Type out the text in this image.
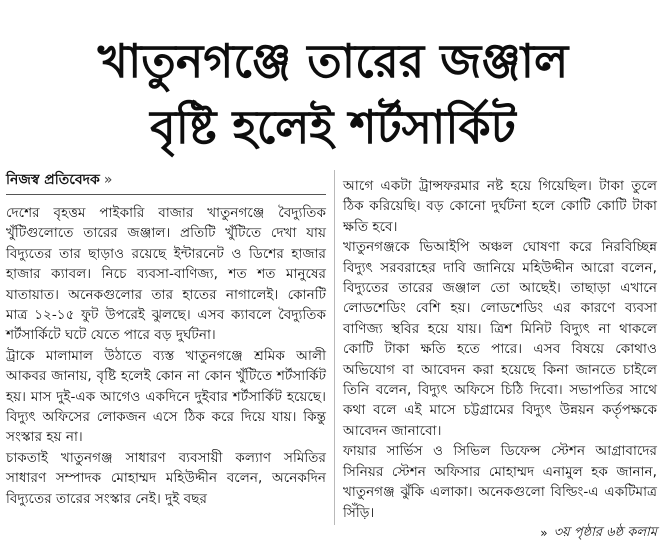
খাতুনগঞ্জে তারের জঞ্জাল
বৃষ্টি হলেই শর্টসার্কিট
নিজস্ব প্রতিবেদক »

দেশের বৃহত্তম পাইকারি বাজার খাতুনগঞ্জে বৈদ্যুতিক খুঁটিগুলোতে তারের জঞ্জাল। প্রতিটি খুঁটিতে দেখা যায় বিদ্যুতের তার ছাড়াও রয়েছে ইন্টারনেট ও ডিশের হাজার হাজার ক্যাবল। নিচে ব্যবসা-বাণিজ্য, শত শত মানুষের যাতায়াত। অনেকগুলোর তার হাতের নাগালেই। কোনটি মাত্র ১২-১৫ ফুট উপরেই ঝুলছে। এসব ক্যাবলে বৈদ্যুতিক শর্টসার্কিটে ঘটে যেতে পারে বড় দুর্ঘটনা।

ট্রাকে মালামাল উঠাতে ব্যস্ত খাতুনগঞ্জে শ্রমিক আলী আকবর জানায়, বৃষ্টি হলেই কোন না কোন খুঁটিতে শর্টসার্কিট হয়। মাস দুই-এক আগেও একদিনে দুইবার শর্টসার্কিট হয়েছে। বিদ্যুৎ অফিসের লোকজন এসে ঠিক করে দিয়ে যায়। কিন্তু সংস্কার হয় না।

চাকতাই খাতুনগঞ্জ সাধারণ ব্যবসায়ী কল্যাণ সমিতির সাধারণ সম্পাদক মোহাম্মদ মহিউদ্দীন বলেন, অনেকদিন বিদ্যুতের তারের সংস্কার নেই। দুই বছর

আগে একটা ট্রান্সফরমার নষ্ট হয়ে গিয়েছিল। টাকা তুলে ঠিক করিয়েছি। বড় কোনো দুর্ঘটনা হলে কোটি কোটি টাকা ক্ষতি হবে।

খাতুনগঞ্জকে ভিআইপি অঞ্চল ঘোষণা করে নিরবিচ্ছিন্ন বিদ্যুৎ সরবরাহের দাবি জানিয়ে মহিউদ্দীন আরো বলেন, বিদ্যুতের তারের জঞ্জাল তো আছেই। তাছাড়া এখানে লোডশেডিং বেশি হয়। লোডশেডিং এর কারণে ব্যবসা বাণিজ্য স্থবির হয়ে যায়। ত্রিশ মিনিট বিদ্যুৎ না থাকলে কোটি টাকা ক্ষতি হতে পারে। এসব বিষয়ে কোথাও অভিযোগ বা আবেদন করা হয়েছে কিনা জানতে চাইলে তিনি বলেন, বিদ্যুৎ অফিসে চিঠি দিবো। সভাপতির সাথে কথা বলে এই মাসে চট্টগ্রামের বিদ্যুৎ উন্নয়ন কর্তৃপক্ষকে আবেদন জানাবো।

ফায়ার সার্ভিস ও সিভিল ডিফেন্স স্টেশন আগ্রাবাদের সিনিয়র স্টেশন অফিসার মোহাম্মদ এনামুল হক জানান, খাতুনগঞ্জ ঝুঁকি এলাকা। অনেকগুলো বিল্ডিং-এ একটিমাত্র সিঁড়ি।

» ৩য় পৃষ্ঠার ৬ষ্ঠ কলাম
